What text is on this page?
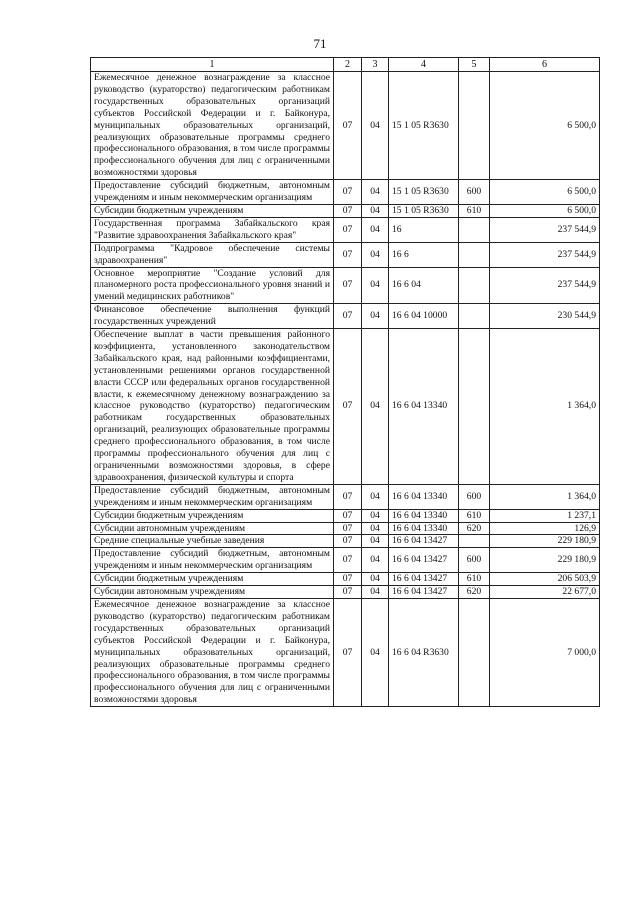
71
1	2	3	4	5	6
Ежемесячное денежное вознаграждение за классное руководство (кураторство) педагогическим работникам государственных образовательных организаций субъектов Российской Федерации и г. Байконура, муниципальных образовательных организаций, реализующих образовательные программы среднего профессионального образования, в том числе программы профессионального обучения для лиц с ограниченными возможностями здоровья	07	04	15 1 05 R3630		6 500,0
Предоставление субсидий бюджетным, автономным учреждениям и иным некоммерческим организациям	07	04	15 1 05 R3630	600	6 500,0
Субсидии бюджетным учреждениям	07	04	15 1 05 R3630	610	6 500,0
Государственная программа Забайкальского края "Развитие здравоохранения Забайкальского края"	07	04	16		237 544,9
Подпрограмма "Кадровое обеспечение системы здравоохранения"	07	04	16 6		237 544,9
Основное мероприятие "Создание условий для планомерного роста профессионального уровня знаний и умений медицинских работников"	07	04	16 6 04		237 544,9
Финансовое обеспечение выполнения функций государственных учреждений	07	04	16 6 04 10000		230 544,9
Обеспечение выплат в части превышения районного коэффициента, установленного законодательством Забайкальского края, над районными коэффициентами, установленными решениями органов государственной власти СССР или федеральных органов государственной власти, к ежемесячному денежному вознаграждению за классное руководство (кураторство) педагогическим работникам государственных образовательных организаций, реализующих образовательные программы среднего профессионального образования, в том числе программы профессионального обучения для лиц с ограниченными возможностями здоровья, в сфере здравоохранения, физической культуры и спорта	07	04	16 6 04 13340		1 364,0
Предоставление субсидий бюджетным, автономным учреждениям и иным некоммерческим организациям	07	04	16 6 04 13340	600	1 364,0
Субсидии бюджетным учреждениям	07	04	16 6 04 13340	610	1 237,1
Субсидии автономным учреждениям	07	04	16 6 04 13340	620	126,9
Средние специальные учебные заведения	07	04	16 6 04 13427		229 180,9
Предоставление субсидий бюджетным, автономным учреждениям и иным некоммерческим организациям	07	04	16 6 04 13427	600	229 180,9
Субсидии бюджетным учреждениям	07	04	16 6 04 13427	610	206 503,9
Субсидии автономным учреждениям	07	04	16 6 04 13427	620	22 677,0
Ежемесячное денежное вознаграждение за классное руководство (кураторство) педагогическим работникам государственных образовательных организаций субъектов Российской Федерации и г. Байконура, муниципальных образовательных организаций, реализующих образовательные программы среднего профессионального образования, в том числе программы профессионального обучения для лиц с ограниченными возможностями здоровья	07	04	16 6 04 R3630		7 000,0
